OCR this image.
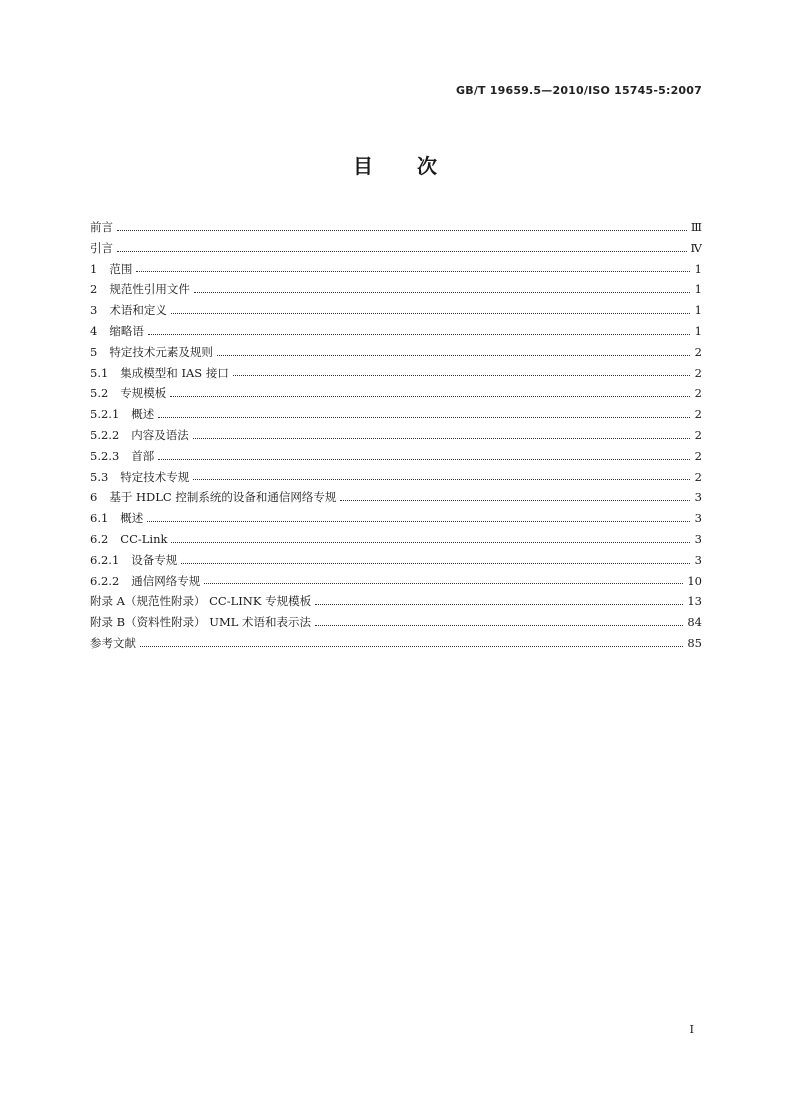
GB/T 19659.5—2010/ISO 15745-5:2007
目 次
前言	Ⅲ
引言	Ⅳ
1 范围	1
2 规范性引用文件	1
3 术语和定义	1
4 缩略语	1
5 特定技术元素及规则	2
5.1 集成模型和 IAS 接口	2
5.2 专规模板	2
5.2.1 概述	2
5.2.2 内容及语法	2
5.2.3 首部	2
5.3 特定技术专规	2
6 基于 HDLC 控制系统的设备和通信网络专规	3
6.1 概述	3
6.2 CC-Link	3
6.2.1 设备专规	3
6.2.2 通信网络专规	10
附录 A（规范性附录） CC-LINK 专规模板	13
附录 B（资料性附录） UML 术语和表示法	84
参考文献	85
I
